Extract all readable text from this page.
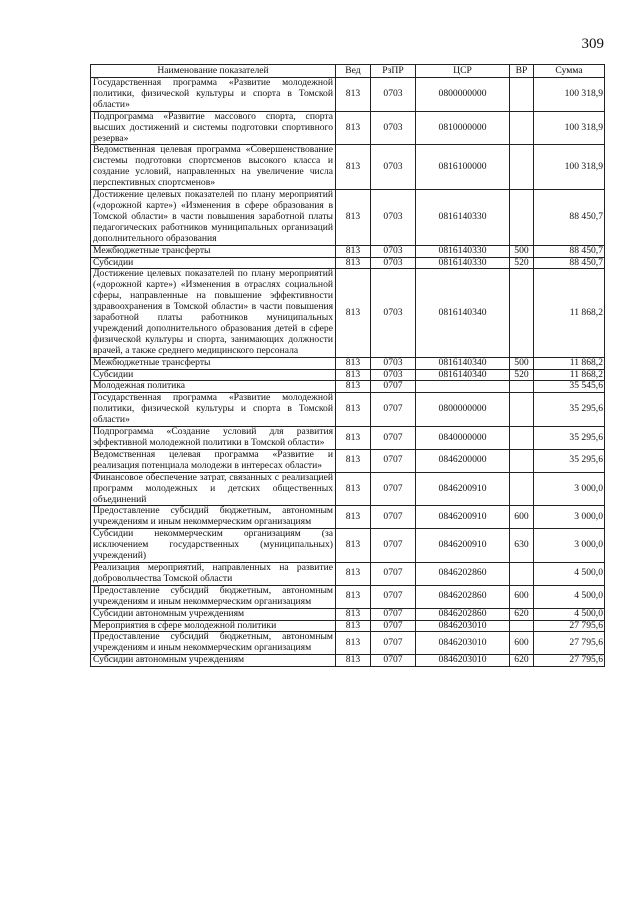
309
Наименование показателей	Вед	РзПР	ЦСР	ВР	Сумма
Государственная программа «Развитие молодежной политики, физической культуры и спорта в Томской области»	813	0703	0800000000		100 318,9
Подпрограмма «Развитие массового спорта, спорта высших достижений и системы подготовки спортивного резерва»	813	0703	0810000000		100 318,9
Ведомственная целевая программа «Совершенствование системы подготовки спортсменов высокого класса и создание условий, направленных на увеличение числа перспективных спортсменов»	813	0703	0816100000		100 318,9
Достижение целевых показателей по плану мероприятий («дорожной карте») «Изменения в сфере образования в Томской области» в части повышения заработной платы педагогических работников муниципальных организаций дополнительного образования	813	0703	0816140330		88 450,7
Межбюджетные трансферты	813	0703	0816140330	500	88 450,7
Субсидии	813	0703	0816140330	520	88 450,7
Достижение целевых показателей по плану мероприятий («дорожной карте») «Изменения в отраслях социальной сферы, направленные на повышение эффективности здравоохранения в Томской области» в части повышения заработной платы работников муниципальных учреждений дополнительного образования детей в сфере физической культуры и спорта, занимающих должности врачей, а также среднего медицинского персонала	813	0703	0816140340		11 868,2
Межбюджетные трансферты	813	0703	0816140340	500	11 868,2
Субсидии	813	0703	0816140340	520	11 868,2
Молодежная политика	813	0707			35 545,6
Государственная программа «Развитие молодежной политики, физической культуры и спорта в Томской области»	813	0707	0800000000		35 295,6
Подпрограмма «Создание условий для развития эффективной молодежной политики в Томской области»	813	0707	0840000000		35 295,6
Ведомственная целевая программа «Развитие и реализация потенциала молодежи в интересах области»	813	0707	0846200000		35 295,6
Финансовое обеспечение затрат, связанных с реализацией программ молодежных и детских общественных объединений	813	0707	0846200910		3 000,0
Предоставление субсидий бюджетным, автономным учреждениям и иным некоммерческим организациям	813	0707	0846200910	600	3 000,0
Субсидии некоммерческим организациям (за исключением государственных (муниципальных) учреждений)	813	0707	0846200910	630	3 000,0
Реализация мероприятий, направленных на развитие добровольчества Томской области	813	0707	0846202860		4 500,0
Предоставление субсидий бюджетным, автономным учреждениям и иным некоммерческим организациям	813	0707	0846202860	600	4 500,0
Субсидии автономным учреждениям	813	0707	0846202860	620	4 500,0
Мероприятия в сфере молодежной политики	813	0707	0846203010		27 795,6
Предоставление субсидий бюджетным, автономным учреждениям и иным некоммерческим организациям	813	0707	0846203010	600	27 795,6
Субсидии автономным учреждениям	813	0707	0846203010	620	27 795,6
